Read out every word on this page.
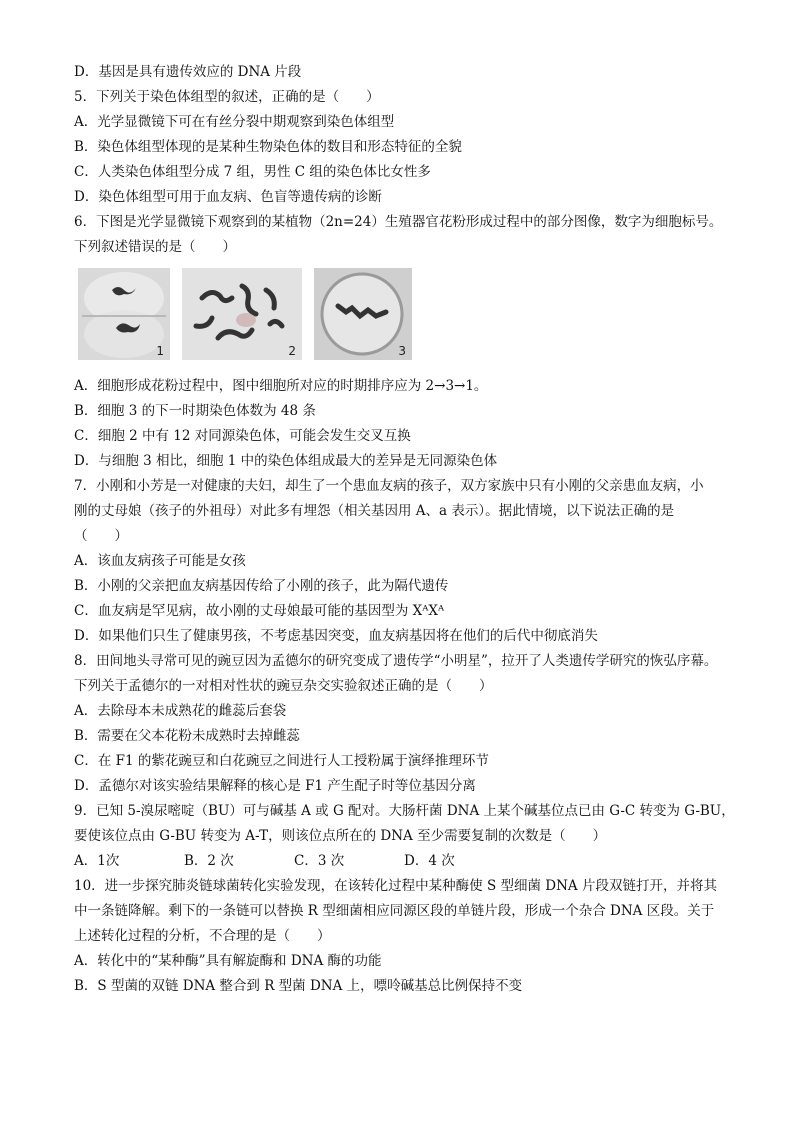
D．基因是具有遗传效应的 DNA 片段
5．下列关于染色体组型的叙述，正确的是（　　）
A．光学显微镜下可在有丝分裂中期观察到染色体组型
B．染色体组型体现的是某种生物染色体的数目和形态特征的全貌
C．人类染色体组型分成 7 组，男性 C 组的染色体比女性多
D．染色体组型可用于血友病、色盲等遗传病的诊断
6．下图是光学显微镜下观察到的某植物（2n=24）生殖器官花粉形成过程中的部分图像，数字为细胞标号。
下列叙述错误的是（　　）
1	2	3
A．细胞形成花粉过程中，图中细胞所对应的时期排序应为 2→3→1。
B．细胞 3 的下一时期染色体数为 48 条
C．细胞 2 中有 12 对同源染色体，可能会发生交叉互换
D．与细胞 3 相比，细胞 1 中的染色体组成最大的差异是无同源染色体
7．小刚和小芳是一对健康的夫妇，却生了一个患血友病的孩子，双方家族中只有小刚的父亲患血友病，小
刚的丈母娘（孩子的外祖母）对此多有埋怨（相关基因用 A、a 表示）。据此情境，以下说法正确的是
（　　）
A．该血友病孩子可能是女孩
B．小刚的父亲把血友病基因传给了小刚的孩子，此为隔代遗传
C．血友病是罕见病，故小刚的丈母娘最可能的基因型为 XᴬXᴬ
D．如果他们只生了健康男孩，不考虑基因突变，血友病基因将在他们的后代中彻底消失
8．田间地头寻常可见的豌豆因为孟德尔的研究变成了遗传学“小明星”，拉开了人类遗传学研究的恢弘序幕。
下列关于孟德尔的一对相对性状的豌豆杂交实验叙述正确的是（　　）
A．去除母本未成熟花的雌蕊后套袋
B．需要在父本花粉未成熟时去掉雌蕊
C．在 F1 的紫花豌豆和白花豌豆之间进行人工授粉属于演绎推理环节
D．孟德尔对该实验结果解释的核心是 F1 产生配子时等位基因分离
9．已知 5-溴尿嘧啶（BU）可与碱基 A 或 G 配对。大肠杆菌 DNA 上某个碱基位点已由 G-C 转变为 G-BU，
要使该位点由 G-BU 转变为 A-T，则该位点所在的 DNA 至少需要复制的次数是（　　）
A．1次	B．2 次	C．3 次	D．4 次
10．进一步探究肺炎链球菌转化实验发现，在该转化过程中某种酶使 S 型细菌 DNA 片段双链打开，并将其
中一条链降解。剩下的一条链可以替换 R 型细菌相应同源区段的单链片段，形成一个杂合 DNA 区段。关于
上述转化过程的分析，不合理的是（　　）
A．转化中的“某种酶”具有解旋酶和 DNA 酶的功能
B．S 型菌的双链 DNA 整合到 R 型菌 DNA 上，嘌呤碱基总比例保持不变
